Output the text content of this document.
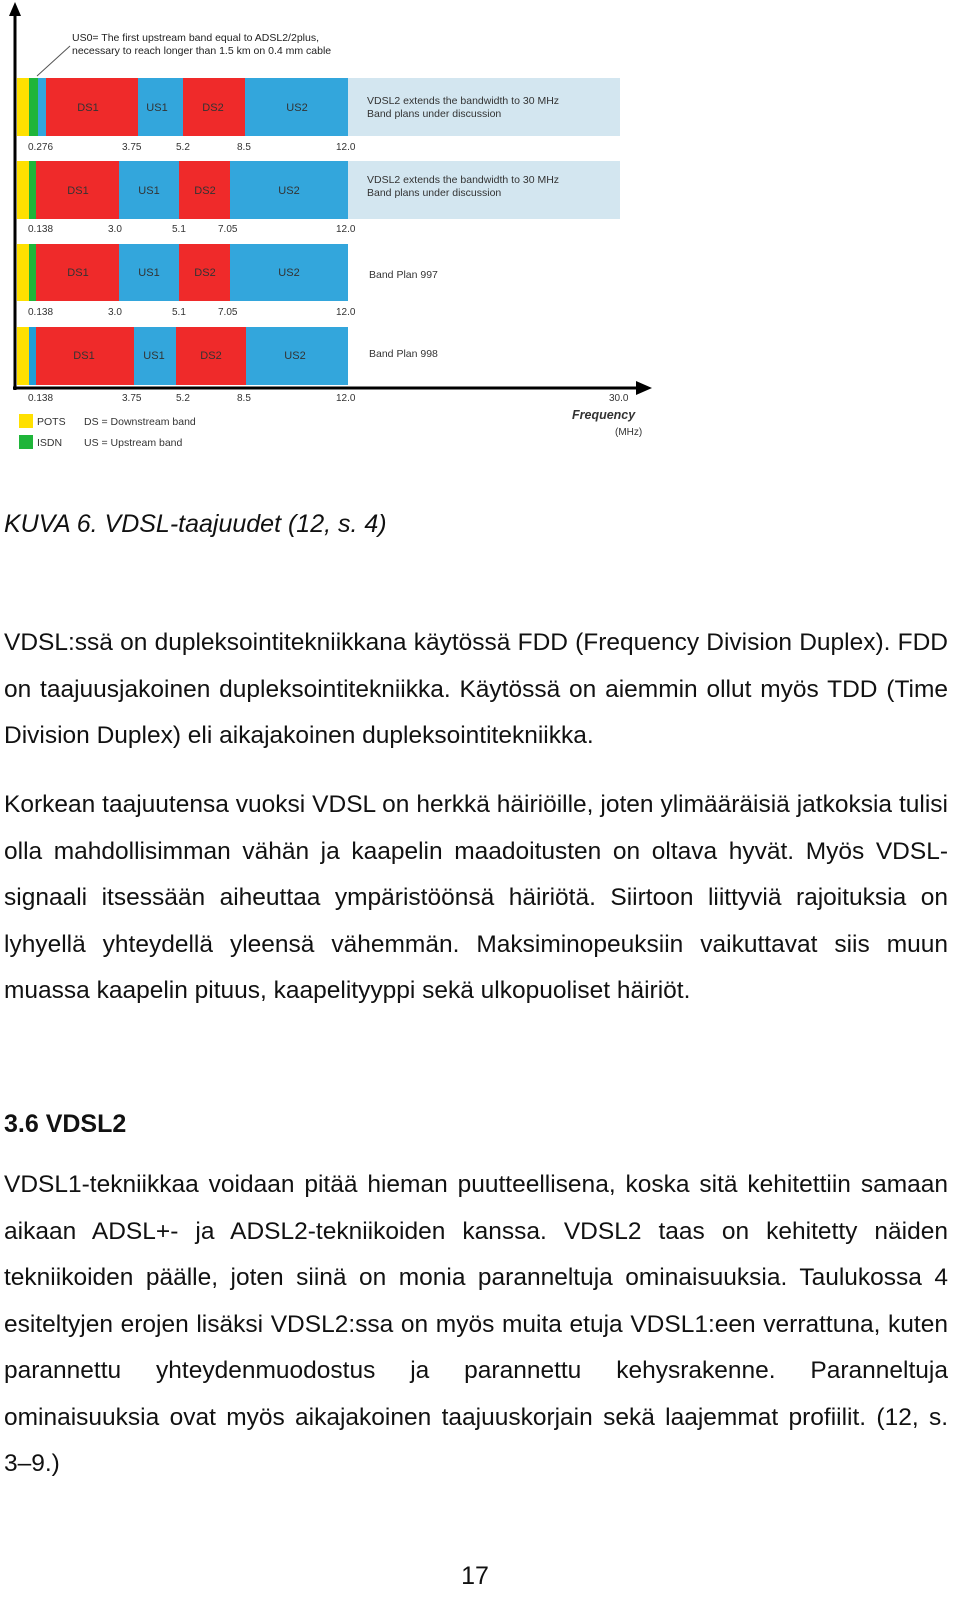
US0= The first upstream band equal to ADSL2/2plus,
necessary to reach longer than 1.5 km on 0.4 mm cable
DS1	US1	DS2	US2
VDSL2 extends the bandwidth to 30 MHz
Band plans under discussion
0.276	3.75	5.2	8.5	12.0
DS1	US1	DS2	US2
VDSL2 extends the bandwidth to 30 MHz
Band plans under discussion
0.138	3.0	5.1	7.05	12.0
DS1	US1	DS2	US2	Band Plan 997
0.138	3.0	5.1	7.05	12.0
DS1	US1	DS2	US2	Band Plan 998
0.138	3.75	5.2	8.5	12.0	30.0
Frequency
(MHz)
POTS DS = Downstream band
ISDN US = Upstream band
KUVA 6. VDSL-taajuudet (12, s. 4)

VDSL:ssä on dupleksointitekniikkana käytössä FDD (Frequency Division Duplex). FDD on taajuusjakoinen dupleksointitekniikka. Käytössä on aiemmin ollut myös TDD (Time Division Duplex) eli aikajakoinen dupleksointitekniikka.

Korkean taajuutensa vuoksi VDSL on herkkä häiriöille, joten ylimääräisiä jatkoksia tulisi olla mahdollisimman vähän ja kaapelin maadoitusten on oltava hyvät. Myös VDSL-signaali itsessään aiheuttaa ympäristöönsä häiriötä. Siirtoon liittyviä rajoituksia on lyhyellä yhteydellä yleensä vähemmän. Maksiminopeuksiin vaikuttavat siis muun muassa kaapelin pituus, kaapelityyppi sekä ulkopuoliset häiriöt.

3.6 VDSL2

VDSL1-tekniikkaa voidaan pitää hieman puutteellisena, koska sitä kehitettiin samaan aikaan ADSL+- ja ADSL2-tekniikoiden kanssa. VDSL2 taas on kehitetty näiden tekniikoiden päälle, joten siinä on monia paranneltuja ominaisuuksia. Taulukossa 4 esiteltyjen erojen lisäksi VDSL2:ssa on myös muita etuja VDSL1:een verrattuna, kuten parannettu yhteydenmuodostus ja parannettu kehysrakenne. Paranneltuja ominaisuuksia ovat myös aikajakoinen taajuuskorjain sekä laajemmat profiilit. (12, s. 3–9.)

17
